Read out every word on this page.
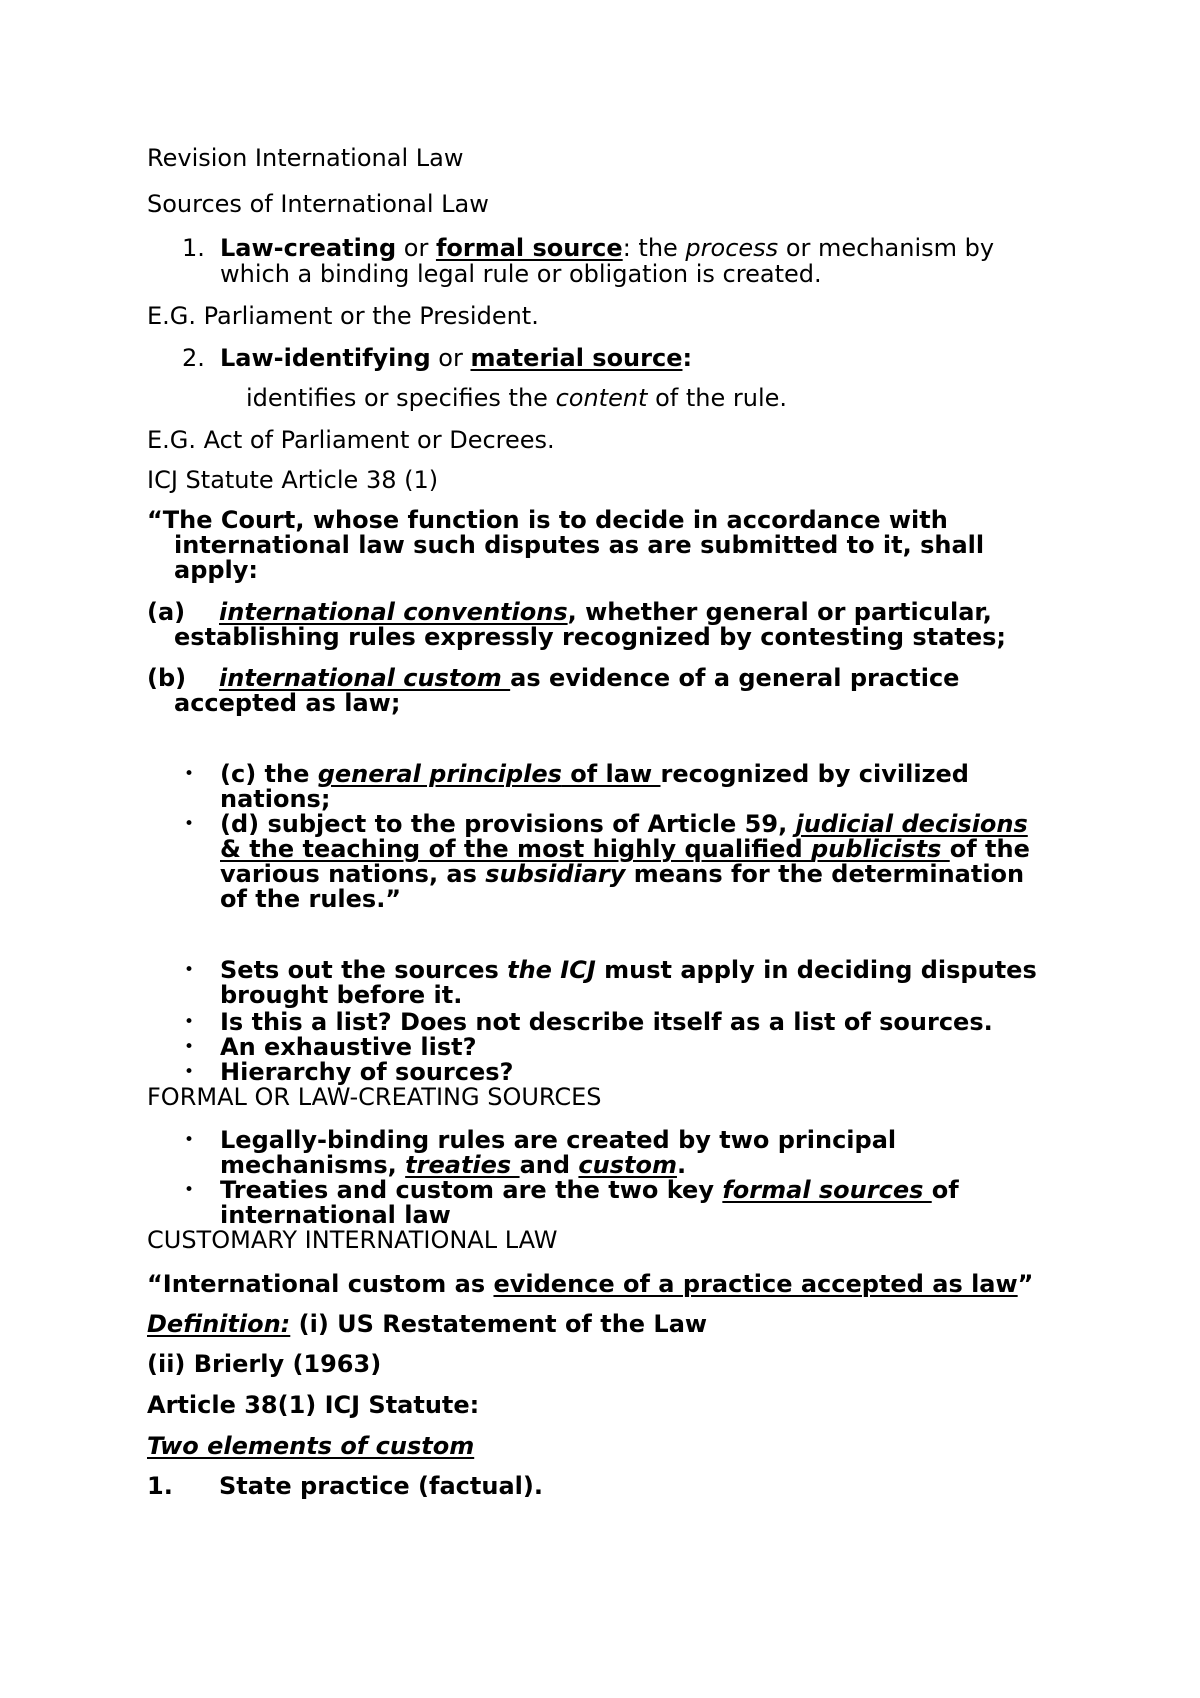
Revision International Law
Sources of International Law
1. Law-creating or formal source: the process or mechanism by
which a binding legal rule or obligation is created.
E.G. Parliament or the President.
2. Law-identifying or material source:
identifies or specifies the content of the rule.
E.G. Act of Parliament or Decrees.
ICJ Statute Article 38 (1)
“The Court, whose function is to decide in accordance with
international law such disputes as are submitted to it, shall
apply:
(a) international conventions, whether general or particular,
establishing rules expressly recognized by contesting states;
(b) international custom as evidence of a general practice
accepted as law;
• (c) the general principles of law recognized by civilized
nations;
• (d) subject to the provisions of Article 59, judicial decisions
& the teaching of the most highly qualified publicists of the
various nations, as subsidiary means for the determination
of the rules.”
• Sets out the sources the ICJ must apply in deciding disputes
brought before it.
• Is this a list? Does not describe itself as a list of sources.
• An exhaustive list?
• Hierarchy of sources?
FORMAL OR LAW-CREATING SOURCES
• Legally-binding rules are created by two principal
mechanisms, treaties and custom.
• Treaties and custom are the two key formal sources of
international law
CUSTOMARY INTERNATIONAL LAW
“International custom as evidence of a practice accepted as law”
Definition: (i) US Restatement of the Law
(ii) Brierly (1963)
Article 38(1) ICJ Statute:
Two elements of custom
1. State practice (factual).
